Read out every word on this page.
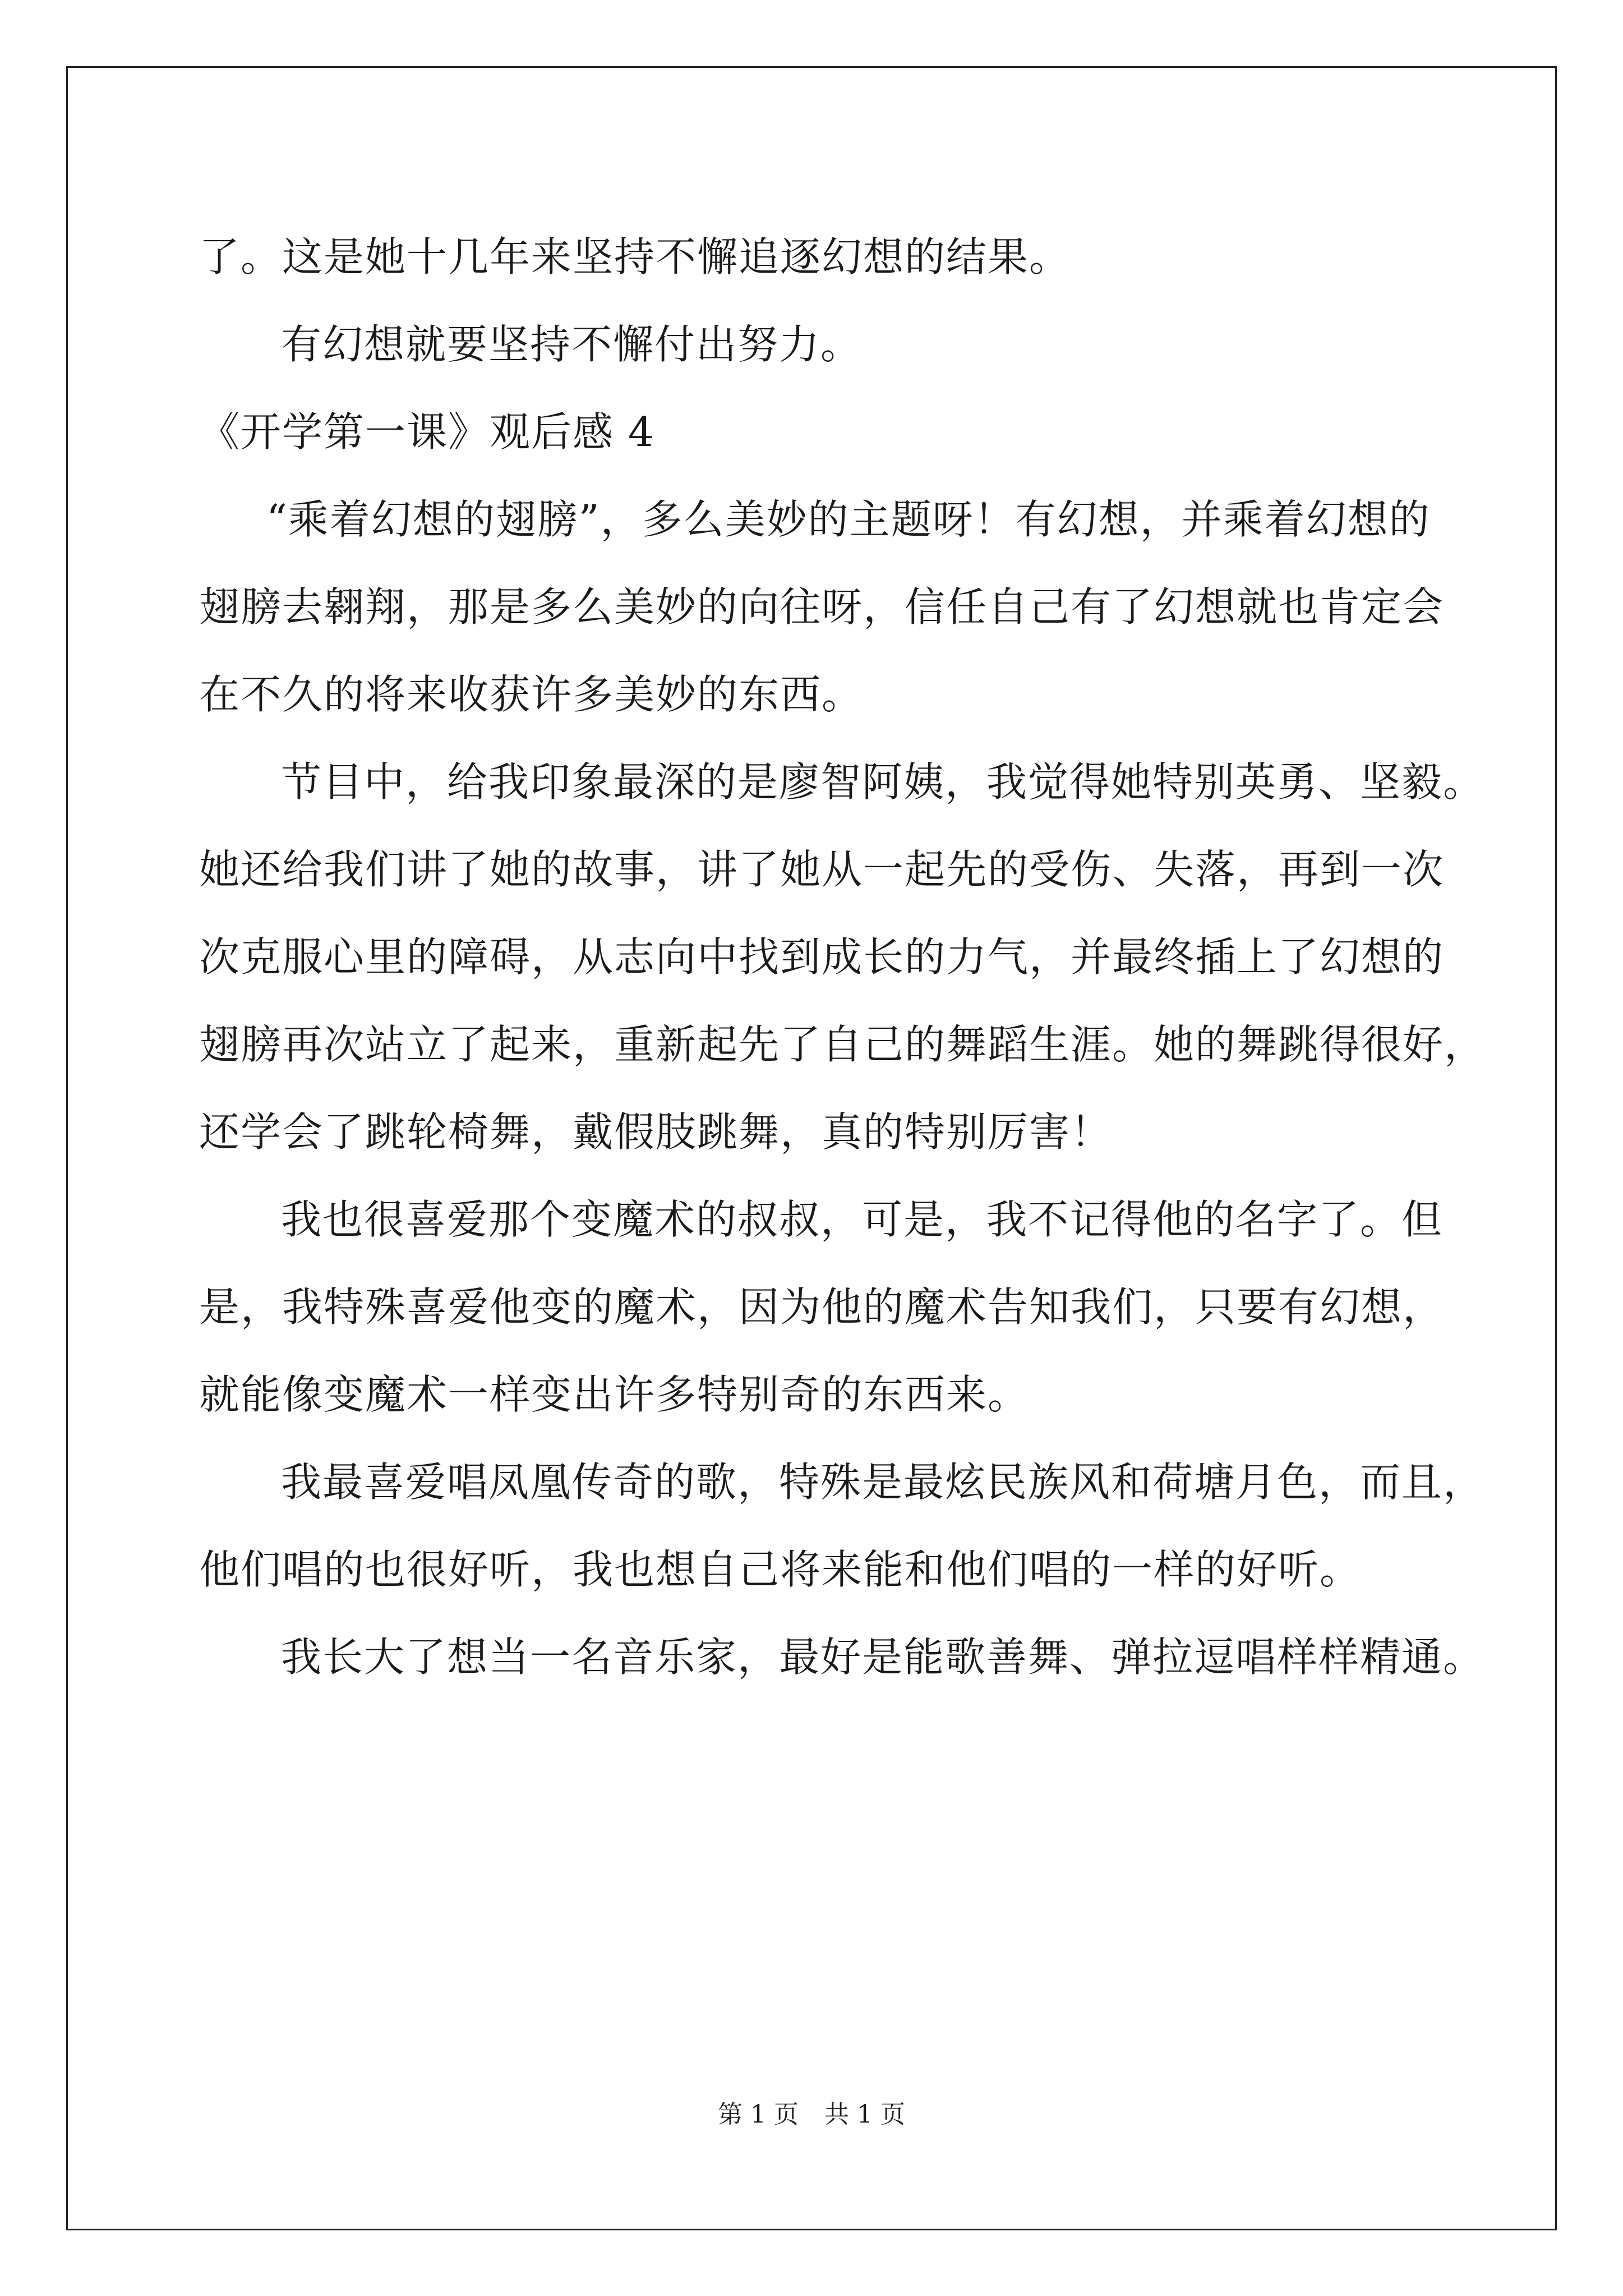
了。这是她十几年来坚持不懈追逐幻想的结果。
有幻想就要坚持不懈付出努力。
《开学第一课》观后感 4
“乘着幻想的翅膀”，多么美妙的主题呀！有幻想，并乘着幻想的
翅膀去翱翔，那是多么美妙的向往呀，信任自己有了幻想就也肯定会
在不久的将来收获许多美妙的东西。
节目中，给我印象最深的是廖智阿姨，我觉得她特别英勇、坚毅。
她还给我们讲了她的故事，讲了她从一起先的受伤、失落，再到一次
次克服心里的障碍，从志向中找到成长的力气，并最终插上了幻想的
翅膀再次站立了起来，重新起先了自己的舞蹈生涯。她的舞跳得很好，
还学会了跳轮椅舞，戴假肢跳舞，真的特别厉害！
我也很喜爱那个变魔术的叔叔，可是，我不记得他的名字了。但
是，我特殊喜爱他变的魔术，因为他的魔术告知我们，只要有幻想，
就能像变魔术一样变出许多特别奇的东西来。
我最喜爱唱凤凰传奇的歌，特殊是最炫民族风和荷塘月色，而且，
他们唱的也很好听，我也想自己将来能和他们唱的一样的好听。
我长大了想当一名音乐家，最好是能歌善舞、弹拉逗唱样样精通。
第 1 页 共 1 页
